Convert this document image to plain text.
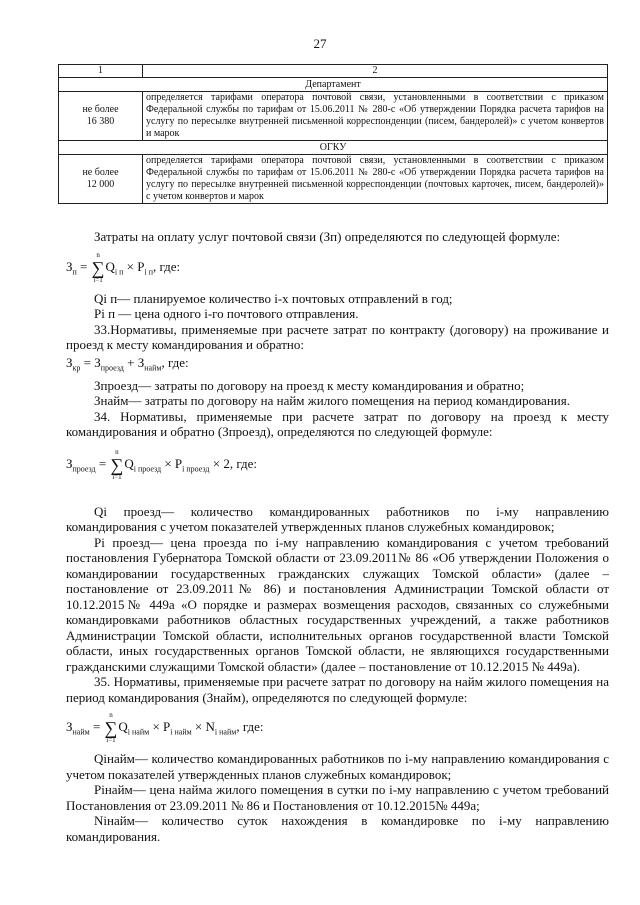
27
1	2
Департамент	
не более
16 380	определяется тарифами оператора почтовой связи, установленными в соответствии с приказом Федеральной службы по тарифам от 15.06.2011 № 280-с «Об утверждении Порядка расчета тарифов на услугу по пересылке внутренней письменной корреспонденции (писем, бандеролей)» с учетом конвертов и марок
ОГКУ	
не более
12 000	определяется тарифами оператора почтовой связи, установленными в соответствии с приказом Федеральной службы по тарифам от 15.06.2011 № 280-с «Об утверждении Порядка расчета тарифов на услугу по пересылке внутренней письменной корреспонденции (почтовых карточек, писем, бандеролей)» с учетом конвертов и марок

Затраты на оплату услуг почтовой связи (Зп) определяются по следующей формуле:

$З_п = n$
∑
$i=1Q_{i п} \times P_{i п}$, где:

Qi п— планируемое количество i-х почтовых отправлений в год;

Pi п — цена одного i-го почтового отправления.

33.Нормативы, применяемые при расчете затрат по контракту (договору) на проживание и проезд к месту командирования и обратно:

$З_{кр} = З_{проезд} + З_{найм}$, где:

Зпроезд— затраты по договору на проезд к месту командирования и обратно;

Знайм— затраты по договору на найм жилого помещения на период командирования.

34. Нормативы, применяемые при расчете затрат по договору на проезд к месту командирования и обратно (Зпроезд), определяются по следующей формуле:

$З_{проезд} = n$
∑
$i=1Q_{i проезд} \times P_{i проезд} \times 2$, где:

Qi проезд— количество командированных работников по i-му направлению командирования с учетом показателей утвержденных планов служебных командировок;

Pi проезд— цена проезда по i-му направлению командирования с учетом требований постановления Губернатора Томской области от 23.09.2011№ 86 «Об утверждении Положения о командировании государственных гражданских служащих Томской области» (далее – постановление от 23.09.2011№ 86) и постановления Администрации Томской области от 10.12.2015№ 449а «О порядке и размерах возмещения расходов, связанных со служебными командировками работников областных государственных учреждений, а также работников Администрации Томской области, исполнительных органов государственной власти Томской области, иных государственных органов Томской области, не являющихся государственными гражданскими служащими Томской области» (далее – постановление от 10.12.2015 № 449а).

35. Нормативы, применяемые при расчете затрат по договору на найм жилого помещения на период командирования (Знайм), определяются по следующей формуле:

$З_{найм} = n$
∑
$i=1Q_{i найм} \times P_{i найм} \times N_{i найм}$, где:

Qiнайм— количество командированных работников по i-му направлению командирования с учетом показателей утвержденных планов служебных командировок;

Piнайм— цена найма жилого помещения в сутки по i-му направлению с учетом требований Постановления от 23.09.2011 № 86 и Постановления от 10.12.2015№ 449а;

Niнайм— количество суток нахождения в командировке по i-му направлению командирования.
